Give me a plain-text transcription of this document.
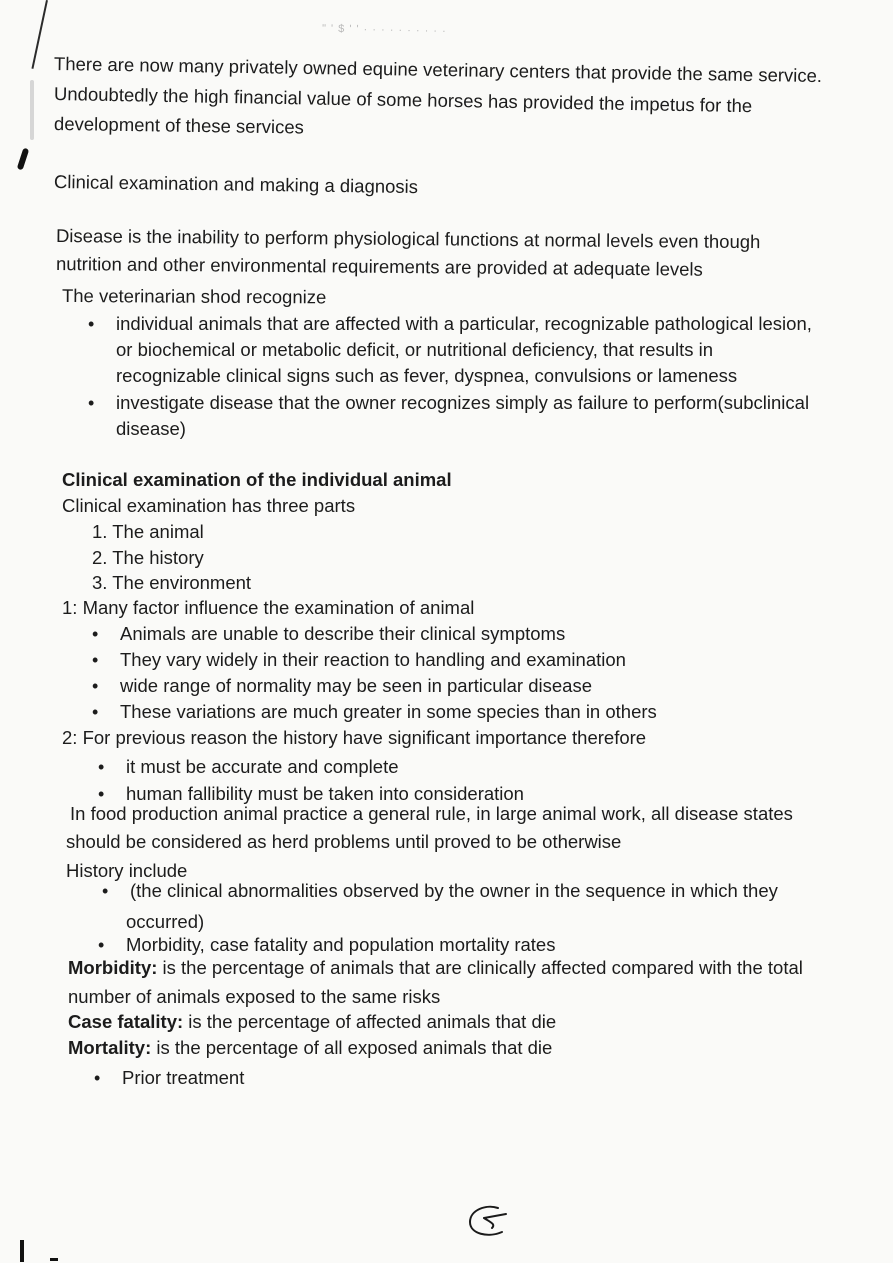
" ' $ ' ' · · · · · · · · · ·
There are now many privately owned equine veterinary centers that provide the same service.
Undoubtedly the high financial value of some horses has provided the impetus for the
development of these services
Clinical examination and making a diagnosis
Disease is the inability to perform physiological functions at normal levels even though
nutrition and other environmental requirements are provided at adequate levels
The veterinarian shod recognize
• individual animals that are affected with a particular, recognizable pathological lesion,
or biochemical or metabolic deficit, or nutritional deficiency, that results in
recognizable clinical signs such as fever, dyspnea, convulsions or lameness
• investigate disease that the owner recognizes simply as failure to perform(subclinical
disease)
Clinical examination of the individual animal
Clinical examination has three parts
1. The animal
2. The history
3. The environment
1: Many factor influence the examination of animal
• Animals are unable to describe their clinical symptoms
• They vary widely in their reaction to handling and examination
• wide range of normality may be seen in particular disease
• These variations are much greater in some species than in others
2: For previous reason the history have significant importance therefore
• it must be accurate and complete
• human fallibility must be taken into consideration
In food production animal practice a general rule, in large animal work, all disease states
should be considered as herd problems until proved to be otherwise
History include
• (the clinical abnormalities observed by the owner in the sequence in which they
occurred)
• Morbidity, case fatality and population mortality rates
Morbidity: is the percentage of animals that are clinically affected compared with the total
number of animals exposed to the same risks
Case fatality: is the percentage of affected animals that die
Mortality: is the percentage of all exposed animals that die
• Prior treatment
